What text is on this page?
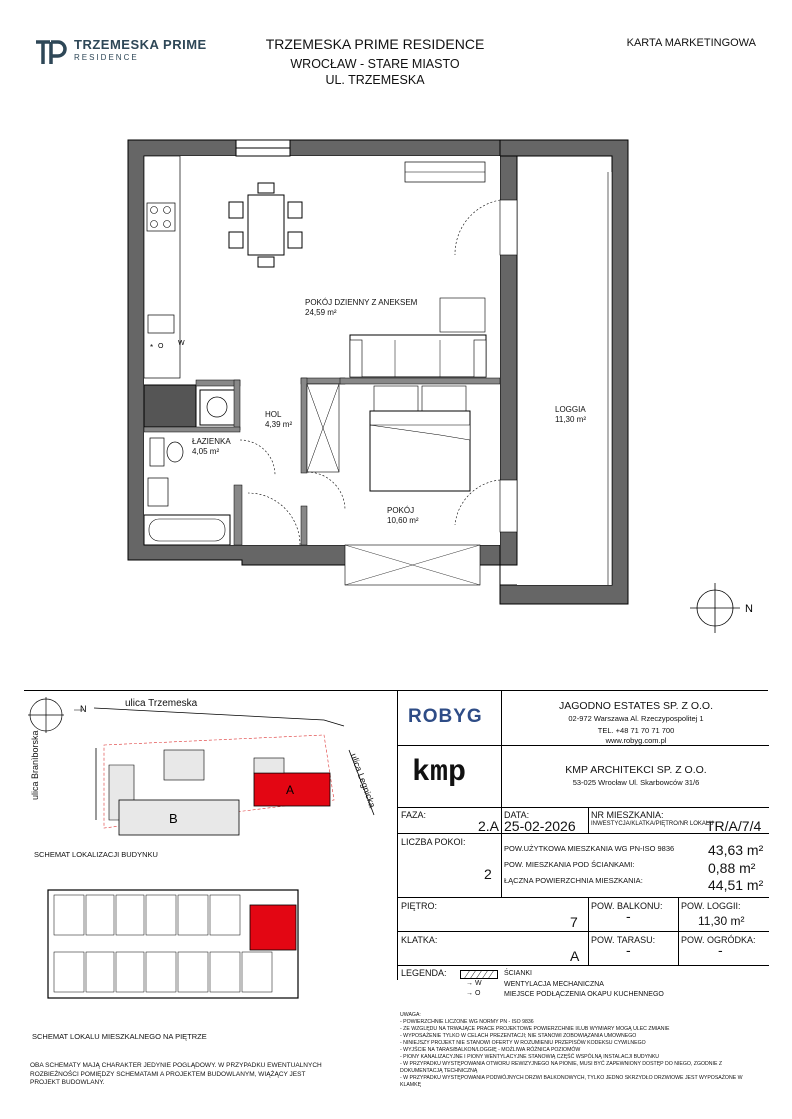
TRZEMESKA PRIME
RESIDENCE
TRZEMESKA PRIME RESIDENCE
WROCŁAW - STARE MIASTO
UL. TRZEMESKA
KARTA MARKETINGOWA
* O W
N
POKÓJ DZIENNY Z ANEKSEM
24,59 m²
HOL
4,39 m²
ŁAZIENKA
4,05 m²
POKÓJ
10,60 m²
LOGGIA
11,30 m²
N
A
B
ulica Trzemeska
ulica Branìborska	ulica Legnicka
SCHEMAT LOKALIZACJI BUDYNKU
SCHEMAT LOKALU MIESZKALNEGO NA PIĘTRZE
OBA SCHEMATY MAJĄ CHARAKTER JEDYNIE POGLĄDOWY. W PRZYPADKU EWENTUALNYCH ROZBIEŻNOŚCI POMIĘDZY SCHEMATAMI A PROJEKTEM BUDOWLANYM, WIĄŻĄCY JEST PROJEKT BUDOWLANY.
ROBYG	JAGODNO ESTATES SP. Z O.O.
02-972 Warszawa Al. Rzeczypospolitej 1
TEL. +48 71 70 71 700
www.robyg.com.pl
kmp	KMP ARCHITEKCI SP. Z O.O.
53-025 Wrocław Ul. Skarbowców 31/6
FAZA:
2.A
DATA:
25-02-2026
NR MIESZKANIA:
INWESTYCJA/KLATKA/PIĘTRO/NR LOKALU
TR/A/7/4
LICZBA POKOI:
2
POW.UŻYTKOWA MIESZKANIA WG PN-ISO 9836 43,63 m²
POW. MIESZKANIA POD ŚCIANKAMI:	0,88 m²
ŁĄCZNA POWIERZCHNIA MIESZKANIA:	44,51 m²
PIĘTRO:
7
POW. BALKONU:
-
POW. LOGGII:
11,30 m²
KLATKA:
A
POW. TARASU:
-
POW. OGRÓDKA:
-
LEGENDA:	ŚCIANKI
→ W	WENTYLACJA MECHANICZNA
→ O	MIEJSCE PODŁĄCZENIA OKAPU KUCHENNEGO
UWAGA:
- POWIERZCHNIE LICZONE WG NORMY PN - ISO 9836
- ZE WZGLĘDU NA TRWAJĄCE PRACE PROJEKTOWE POWIERZCHNIE I/LUB WYMIARY MOGĄ ULEC ZMIANIE
- WYPOSAŻENIE TYLKO W CELACH PREZENTACJI; NIE STANOWI ZOBOWIĄZANIA UMOWNEGO
- NINIEJSZY PROJEKT NIE STANOWI OFERTY W ROZUMIENIU PRZEPISÓW KODEKSU CYWILNEGO
- WYJŚCIE NA TARAS/BALKON/LOGGIĘ - MOŻLIWA RÓŻNICA POZIOMÓW
- PIONY KANALIZACYJNE I PIONY WENTYLACYJNE STANOWIĄ CZĘŚĆ WSPÓLNĄ INSTALACJI BUDYNKU
- W PRZYPADKU WYSTĘPOWANIA OTWORU REWIZYJNEGO NA PIONIE, MUSI BYĆ ZAPEWNIONY DOSTĘP DO NIEGO, ZGODNIE Z DOKUMENTACJĄ TECHNICZNĄ
- W PRZYPADKU WYSTĘPOWANIA PODWÓJNYCH DRZWI BALKONOWYCH, TYLKO JEDNO SKRZYDŁO DRZWIOWE JEST WYPOSAŻONE W KLAMKĘ
